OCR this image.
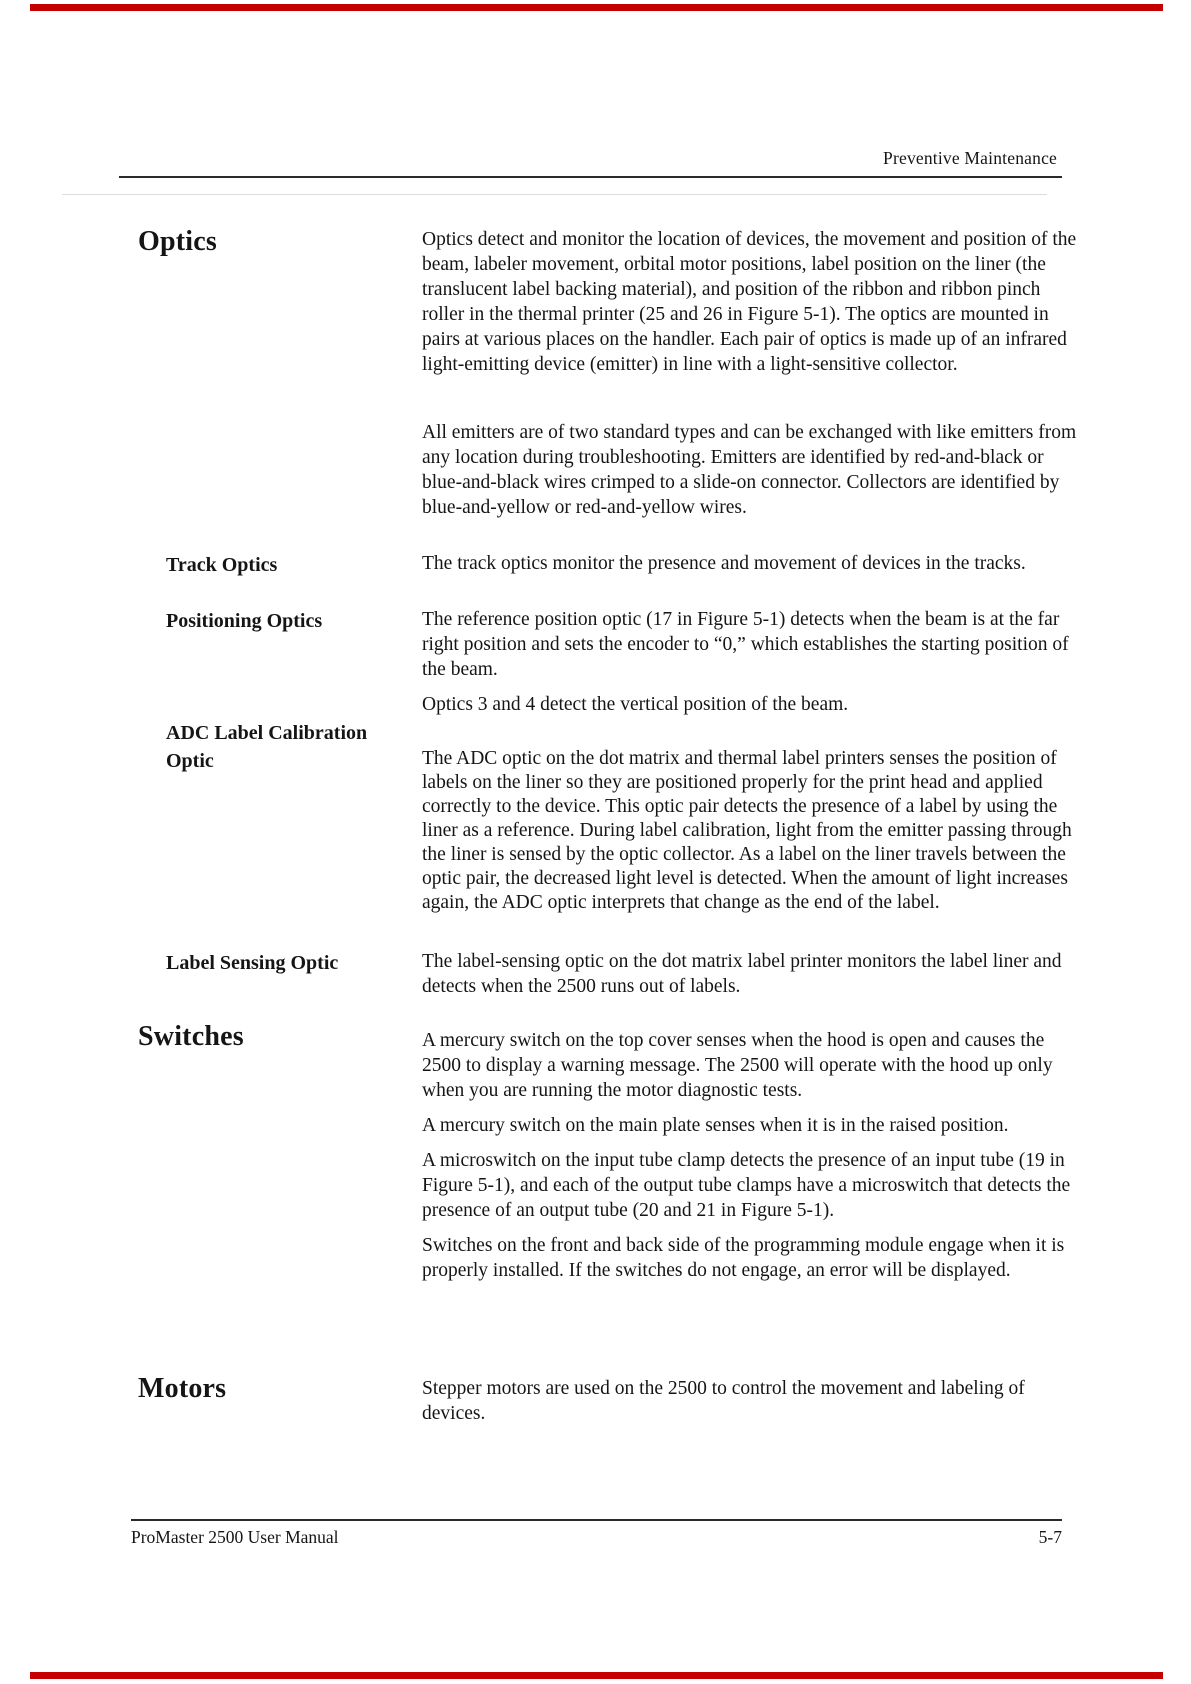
Preventive Maintenance
Optics	Optics detect and monitor the location of devices, the movement and position of the beam, labeler movement, orbital motor positions, label position on the liner (the translucent label backing material), and position of the ribbon and ribbon pinch roller in the thermal printer (25 and 26 in Figure 5-1). The optics are mounted in pairs at various places on the handler. Each pair of optics is made up of an infrared light-emitting device (emitter) in line with a light-sensitive collector.

All emitters are of two standard types and can be exchanged with like emitters from any location during troubleshooting. Emitters are identified by red-and-black or blue-and-black wires crimped to a slide-on connector. Collectors are identified by blue-and-yellow or red-and-yellow wires.

Track Optics	The track optics monitor the presence and movement of devices in the tracks.

Positioning Optics	The reference position optic (17 in Figure 5-1) detects when the beam is at the far right position and sets the encoder to “0,” which establishes the starting position of the beam.

Optics 3 and 4 detect the vertical position of the beam.

ADC Label Calibration
Optic	The ADC optic on the dot matrix and thermal label printers senses the position of labels on the liner so they are positioned properly for the print head and applied correctly to the device. This optic pair detects the presence of a label by using the liner as a reference. During label calibration, light from the emitter passing through the liner is sensed by the optic collector. As a label on the liner travels between the optic pair, the decreased light level is detected. When the amount of light increases again, the ADC optic interprets that change as the end of the label.

Label Sensing Optic	The label-sensing optic on the dot matrix label printer monitors the label liner and detects when the 2500 runs out of labels.

Switches	A mercury switch on the top cover senses when the hood is open and causes the 2500 to display a warning message. The 2500 will operate with the hood up only when you are running the motor diagnostic tests.

A mercury switch on the main plate senses when it is in the raised position.

A microswitch on the input tube clamp detects the presence of an input tube (19 in Figure 5-1), and each of the output tube clamps have a microswitch that detects the presence of an output tube (20 and 21 in Figure 5-1).

Switches on the front and back side of the programming module engage when it is properly installed. If the switches do not engage, an error will be displayed.

Motors	Stepper motors are used on the 2500 to control the movement and labeling of devices.

ProMaster 2500 User Manual	5-7
